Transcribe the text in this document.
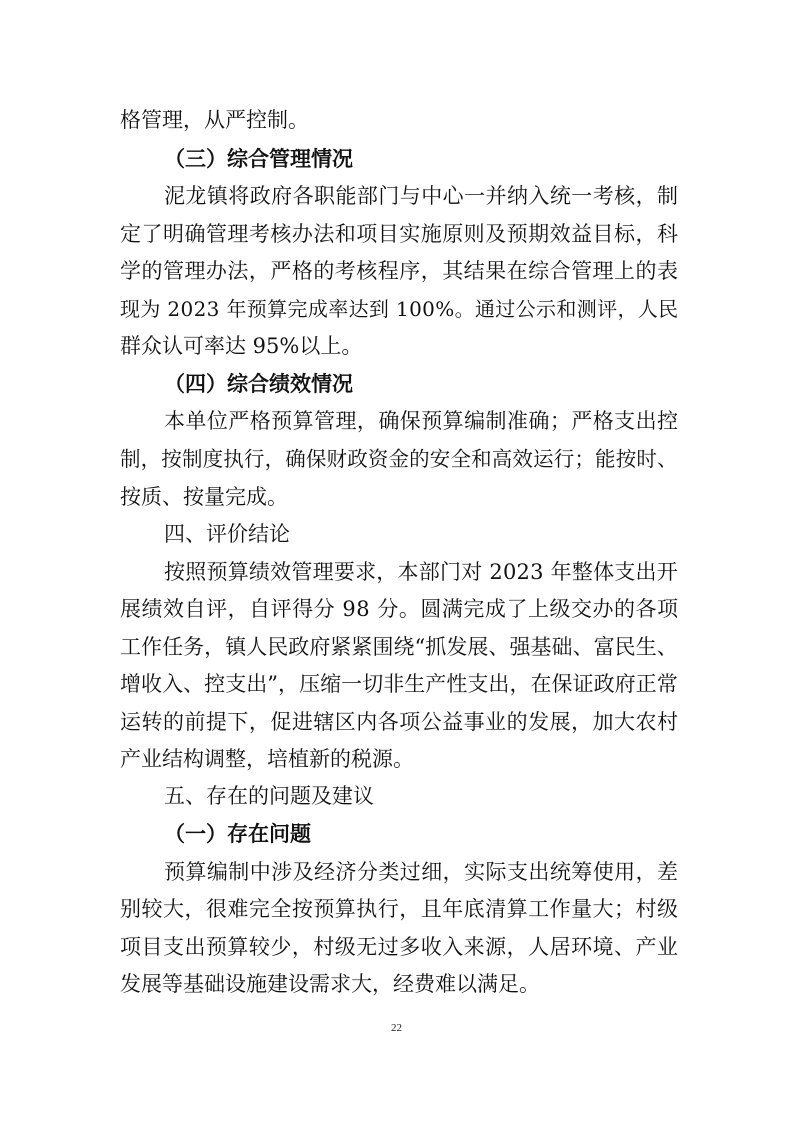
格管理，从严控制。
（三）综合管理情况
泥龙镇将政府各职能部门与中心一并纳入统一考核，制
定了明确管理考核办法和项目实施原则及预期效益目标，科
学的管理办法，严格的考核程序，其结果在综合管理上的表
现为 2023 年预算完成率达到 100%。通过公示和测评，人民
群众认可率达 95%以上。
（四）综合绩效情况
本单位严格预算管理，确保预算编制准确；严格支出控
制，按制度执行，确保财政资金的安全和高效运行；能按时、
按质、按量完成。
四、评价结论
按照预算绩效管理要求，本部门对 2023 年整体支出开
展绩效自评，自评得分 98 分。圆满完成了上级交办的各项
工作任务，镇人民政府紧紧围绕“抓发展、强基础、富民生、
增收入、控支出”，压缩一切非生产性支出，在保证政府正常
运转的前提下，促进辖区内各项公益事业的发展，加大农村
产业结构调整，培植新的税源。
五、存在的问题及建议
（一）存在问题
预算编制中涉及经济分类过细，实际支出统筹使用，差
别较大，很难完全按预算执行，且年底清算工作量大；村级
项目支出预算较少，村级无过多收入来源，人居环境、产业
发展等基础设施建设需求大，经费难以满足。
22
